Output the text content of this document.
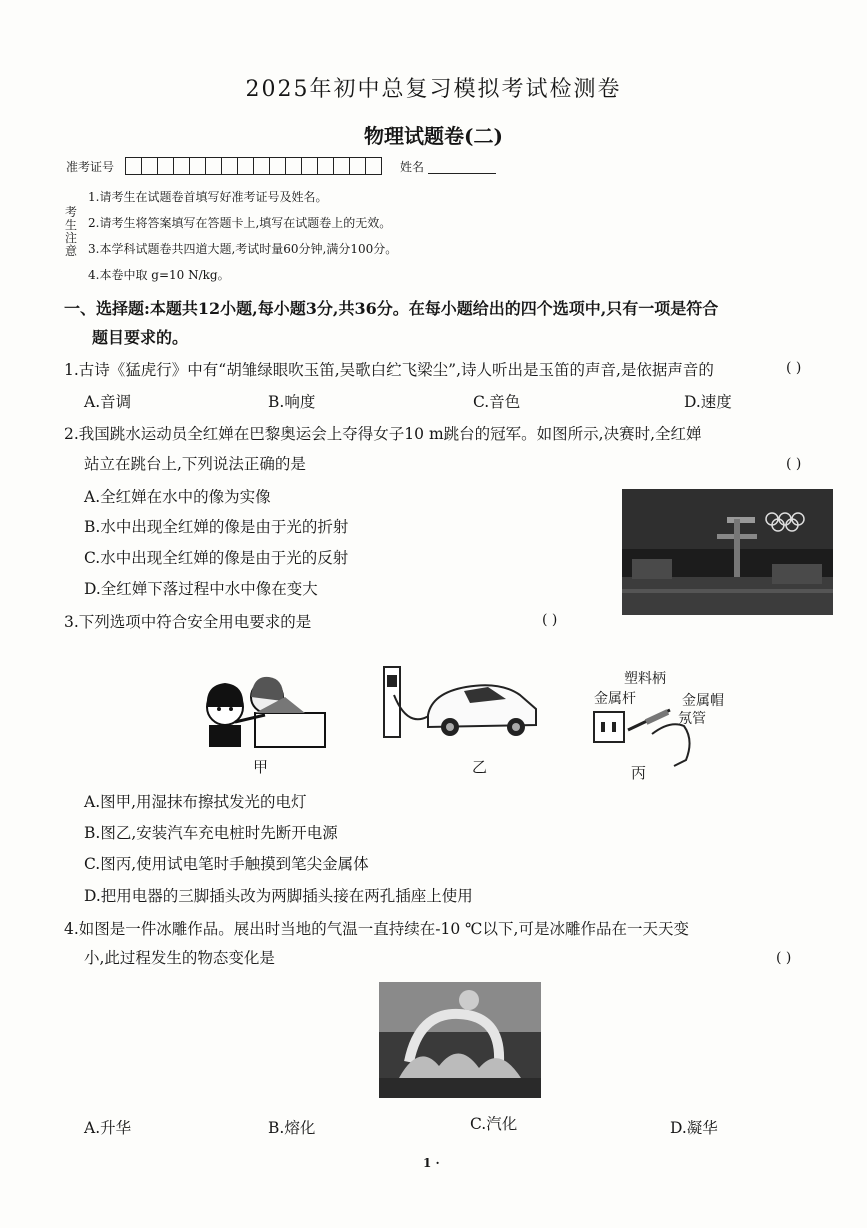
2025年初中总复习模拟考试检测卷
物理试题卷(二)
准考证号	姓名
考生注意
1.请考生在试题卷首填写好准考证号及姓名。
2.请考生将答案填写在答题卡上,填写在试题卷上的无效。
3.本学科试题卷共四道大题,考试时量60分钟,满分100分。
4.本卷中取 g=10 N/kg。
一、选择题:本题共12小题,每小题3分,共36分。在每小题给出的四个选项中,只有一项是符合
题目要求的。
1.古诗《猛虎行》中有“胡雏绿眼吹玉笛,吴歌白纻飞梁尘”,诗人听出是玉笛的声音,是依据声音的	( )
A.音调	B.响度	C.音色	D.速度
2.我国跳水运动员全红婵在巴黎奥运会上夺得女子10 m跳台的冠军。如图所示,决赛时,全红婵
站立在跳台上,下列说法正确的是	( )
A.全红婵在水中的像为实像
B.水中出现全红婵的像是由于光的折射
C.水中出现全红婵的像是由于光的反射
D.全红婵下落过程中水中像在变大
3.下列选项中符合安全用电要求的是	( )
甲	乙
塑料柄
金属杆	金属帽
氖管
丙
A.图甲,用湿抹布擦拭发光的电灯
B.图乙,安装汽车充电桩时先断开电源
C.图丙,使用试电笔时手触摸到笔尖金属体
D.把用电器的三脚插头改为两脚插头接在两孔插座上使用
4.如图是一件冰雕作品。展出时当地的气温一直持续在-10 ℃以下,可是冰雕作品在一天天变
小,此过程发生的物态变化是	( )
A.升华	B.熔化	C.汽化	D.凝华
1 ·
